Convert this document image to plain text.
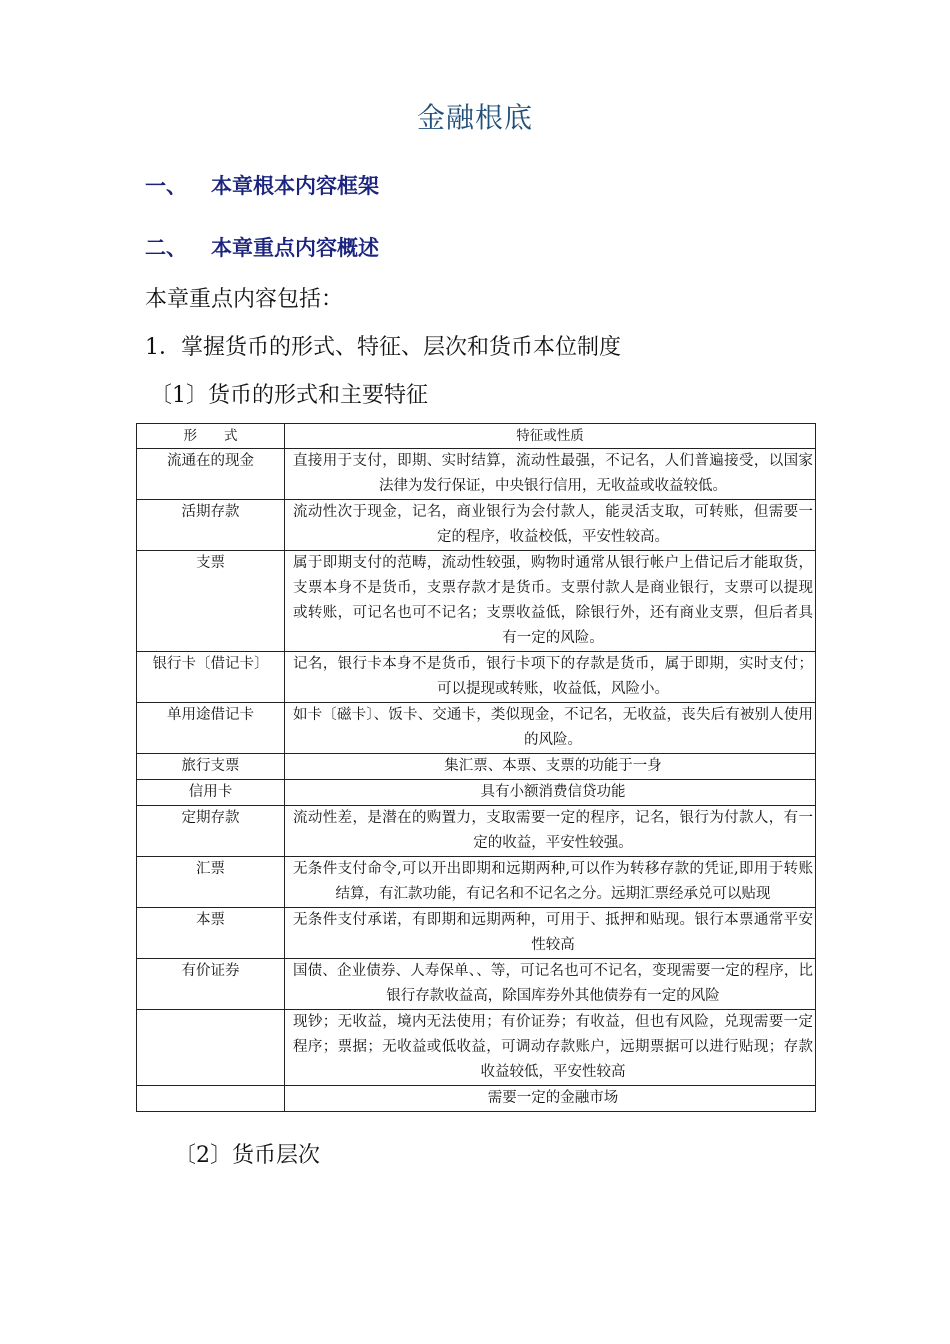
金融根底
一、 本章根本内容框架
二、 本章重点内容概述
本章重点内容包括：
1．掌握货币的形式、特征、层次和货币本位制度
〔1〕货币的形式和主要特征
形　　式	特征或性质
流通在的现金	直接用于支付，即期、实时结算，流动性最强，不记名，人们普遍接受，以国家法律为发行保证，中央银行信用，无收益或收益较低。
活期存款	流动性次于现金，记名，商业银行为会付款人，能灵活支取，可转账，但需要一定的程序，收益校低，平安性较高。
支票	属于即期支付的范畴，流动性较强，购物时通常从银行帐户上借记后才能取货，支票本身不是货币，支票存款才是货币。支票付款人是商业银行，支票可以提现或转账，可记名也可不记名；支票收益低，除银行外，还有商业支票，但后者具有一定的风险。
银行卡〔借记卡〕	记名，银行卡本身不是货币，银行卡项下的存款是货币，属于即期，实时支付；可以提现或转账，收益低，风险小。
单用途借记卡	如卡〔磁卡〕、饭卡、交通卡，类似现金，不记名，无收益，丧失后有被别人使用的风险。
旅行支票	集汇票、本票、支票的功能于一身
信用卡	具有小额消费信贷功能
定期存款	流动性差，是潜在的购置力，支取需要一定的程序，记名，银行为付款人，有一定的收益，平安性较强。
汇票	无条件支付命令,可以开出即期和远期两种,可以作为转移存款的凭证,即用于转账结算，有汇款功能，有记名和不记名之分。远期汇票经承兑可以贴现
本票	无条件支付承诺，有即期和远期两种，可用于、抵押和贴现。银行本票通常平安性较高
有价证券	国债、企业债券、人寿保单、、等，可记名也可不记名，变现需要一定的程序，比银行存款收益高，除国库券外其他债券有一定的风险
	现钞；无收益，境内无法使用；有价证券；有收益，但也有风险，兑现需要一定程序；票据；无收益或低收益，可调动存款账户，远期票据可以进行贴现；存款收益较低，平安性较高
	需要一定的金融市场
〔2〕货币层次
